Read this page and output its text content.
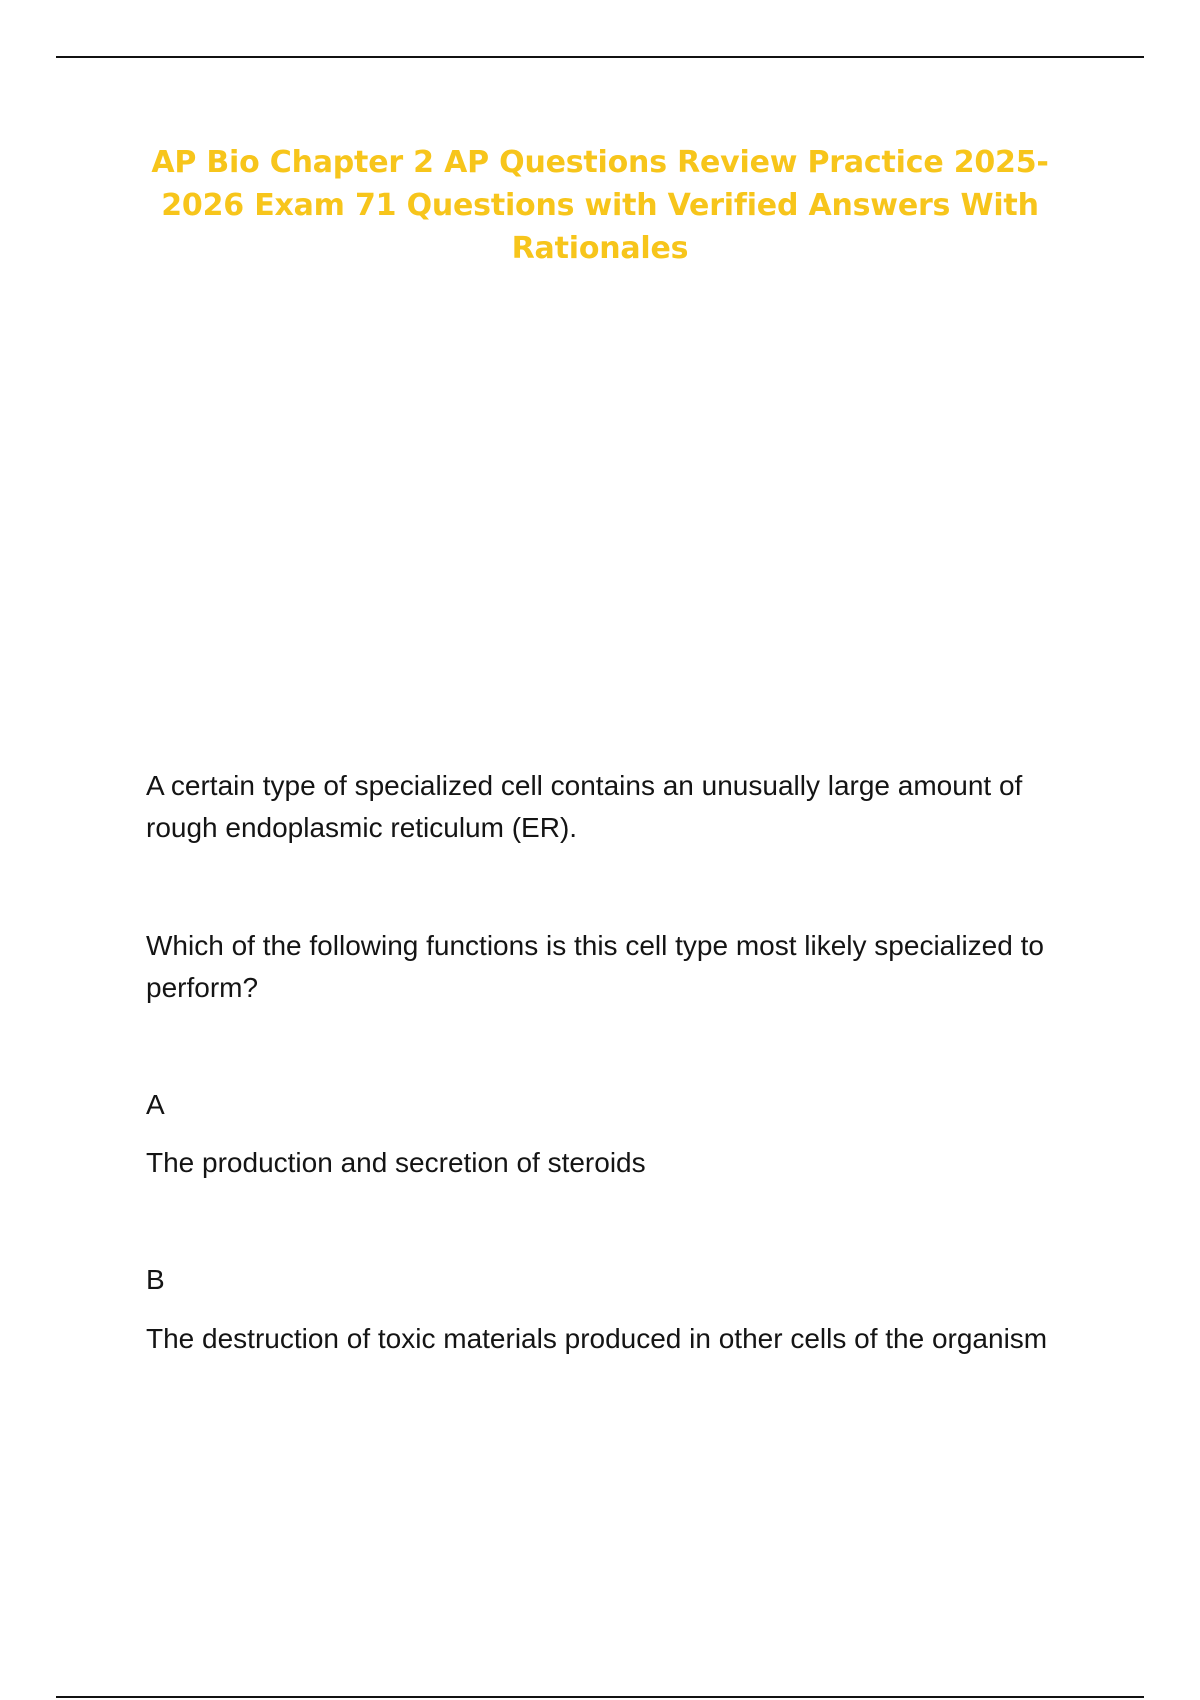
AP Bio Chapter 2 AP Questions Review Practice 2025-2026 Exam 71 Questions with Verified Answers With Rationales

A certain type of specialized cell contains an unusually large amount of rough endoplasmic reticulum (ER).

Which of the following functions is this cell type most likely specialized to perform?

A

The production and secretion of steroids

B

The destruction of toxic materials produced in other cells of the organism
